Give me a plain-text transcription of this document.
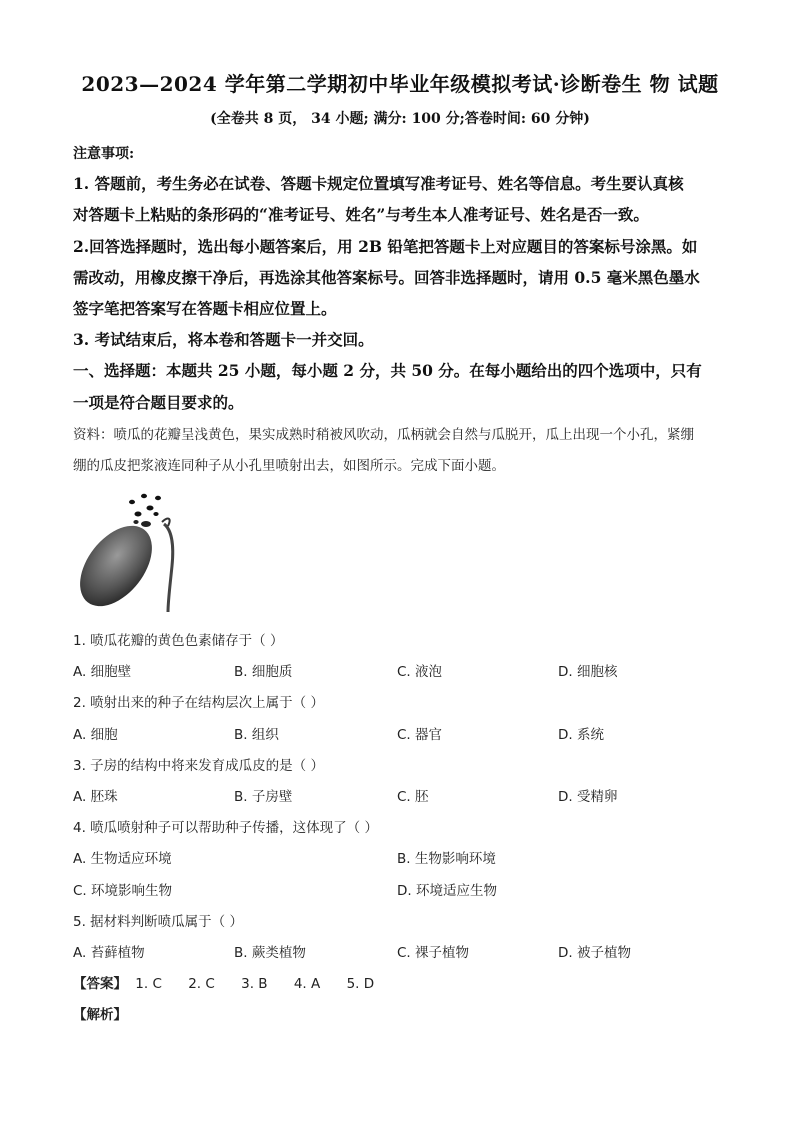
2023—2024 学年第二学期初中毕业年级模拟考试·诊断卷生 物 试题
(全卷共 8 页， 34 小题; 满分: 100 分;答卷时间: 60 分钟)
注意事项:
1. 答题前，考生务必在试卷、答题卡规定位置填写准考证号、姓名等信息。考生要认真核
对答题卡上粘贴的条形码的“准考证号、姓名”与考生本人准考证号、姓名是否一致。
2.回答选择题时，选出每小题答案后，用 2B 铅笔把答题卡上对应题目的答案标号涂黑。如
需改动，用橡皮擦干净后，再选涂其他答案标号。回答非选择题时，请用 0.5 毫米黑色墨水
签字笔把答案写在答题卡相应位置上。
3. 考试结束后，将本卷和答题卡一并交回。
一、选择题：本题共 25 小题，每小题 2 分，共 50 分。在每小题给出的四个选项中，只有
一项是符合题目要求的。
资料：喷瓜的花瓣呈浅黄色，果实成熟时稍被风吹动，瓜柄就会自然与瓜脱开，瓜上出现一个小孔，紧绷
绷的瓜皮把浆液连同种子从小孔里喷射出去，如图所示。完成下面小题。
1. 喷瓜花瓣的黄色色素储存于（ ）
A. 细胞壁	B. 细胞质	C. 液泡	D. 细胞核
2. 喷射出来的种子在结构层次上属于（ ）
A. 细胞	B. 组织	C. 器官	D. 系统
3. 子房的结构中将来发育成瓜皮的是（ ）
A. 胚珠	B. 子房壁	C. 胚	D. 受精卵
4. 喷瓜喷射种子可以帮助种子传播，这体现了（ ）
A. 生物适应环境	B. 生物影响环境
C. 环境影响生物	D. 环境适应生物
5. 据材料判断喷瓜属于（ ）
A. 苔藓植物	B. 蕨类植物	C. 裸子植物	D. 被子植物
【答案】 1. C 2. C 3. B 4. A 5. D
【解析】
